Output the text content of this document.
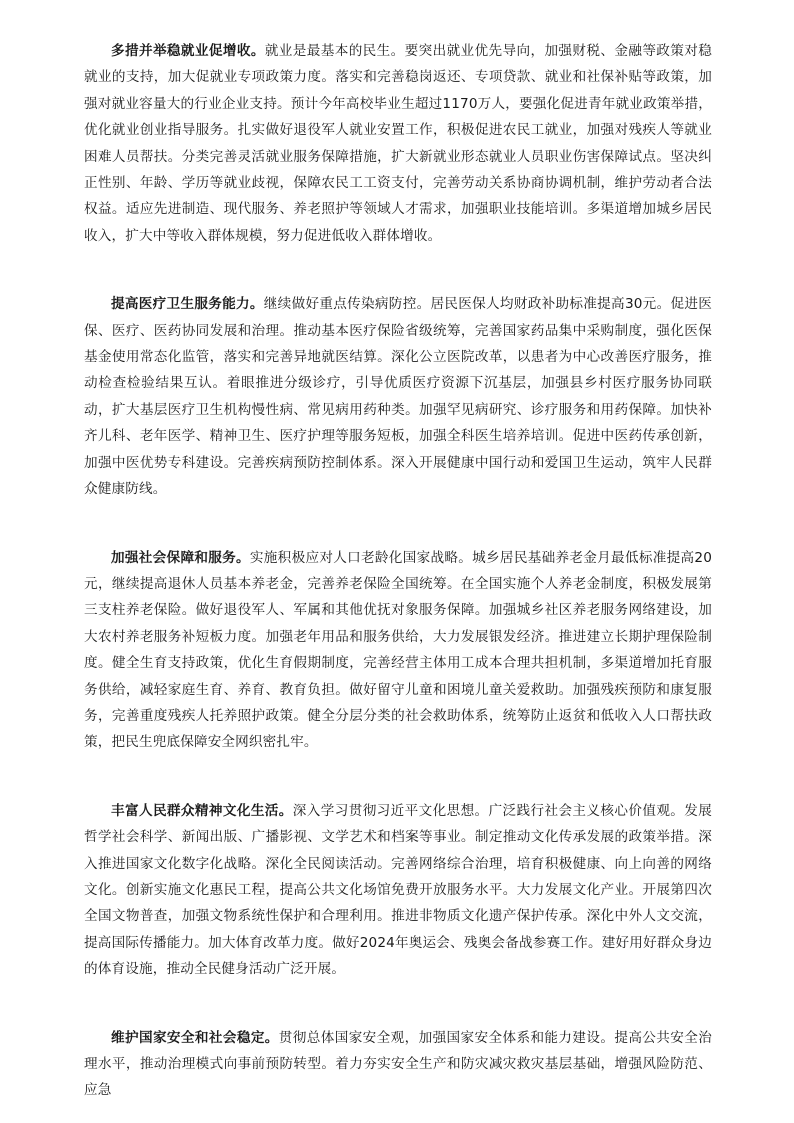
多措并举稳就业促增收。就业是最基本的民生。要突出就业优先导向，加强财税、金融等政策对稳就业的支持，加大促就业专项政策力度。落实和完善稳岗返还、专项贷款、就业和社保补贴等政策，加强对就业容量大的行业企业支持。预计今年高校毕业生超过1170万人，要强化促进青年就业政策举措，优化就业创业指导服务。扎实做好退役军人就业安置工作，积极促进农民工就业，加强对残疾人等就业困难人员帮扶。分类完善灵活就业服务保障措施，扩大新就业形态就业人员职业伤害保障试点。坚决纠正性别、年龄、学历等就业歧视，保障农民工工资支付，完善劳动关系协商协调机制，维护劳动者合法权益。适应先进制造、现代服务、养老照护等领域人才需求，加强职业技能培训。多渠道增加城乡居民收入，扩大中等收入群体规模，努力促进低收入群体增收。

提高医疗卫生服务能力。继续做好重点传染病防控。居民医保人均财政补助标准提高30元。促进医保、医疗、医药协同发展和治理。推动基本医疗保险省级统筹，完善国家药品集中采购制度，强化医保基金使用常态化监管，落实和完善异地就医结算。深化公立医院改革，以患者为中心改善医疗服务，推动检查检验结果互认。着眼推进分级诊疗，引导优质医疗资源下沉基层，加强县乡村医疗服务协同联动，扩大基层医疗卫生机构慢性病、常见病用药种类。加强罕见病研究、诊疗服务和用药保障。加快补齐儿科、老年医学、精神卫生、医疗护理等服务短板，加强全科医生培养培训。促进中医药传承创新，加强中医优势专科建设。完善疾病预防控制体系。深入开展健康中国行动和爱国卫生运动，筑牢人民群众健康防线。

加强社会保障和服务。实施积极应对人口老龄化国家战略。城乡居民基础养老金月最低标准提高20元，继续提高退休人员基本养老金，完善养老保险全国统筹。在全国实施个人养老金制度，积极发展第三支柱养老保险。做好退役军人、军属和其他优抚对象服务保障。加强城乡社区养老服务网络建设，加大农村养老服务补短板力度。加强老年用品和服务供给，大力发展银发经济。推进建立长期护理保险制度。健全生育支持政策，优化生育假期制度，完善经营主体用工成本合理共担机制，多渠道增加托育服务供给，减轻家庭生育、养育、教育负担。做好留守儿童和困境儿童关爱救助。加强残疾预防和康复服务，完善重度残疾人托养照护政策。健全分层分类的社会救助体系，统筹防止返贫和低收入人口帮扶政策，把民生兜底保障安全网织密扎牢。

丰富人民群众精神文化生活。深入学习贯彻习近平文化思想。广泛践行社会主义核心价值观。发展哲学社会科学、新闻出版、广播影视、文学艺术和档案等事业。制定推动文化传承发展的政策举措。深入推进国家文化数字化战略。深化全民阅读活动。完善网络综合治理，培育积极健康、向上向善的网络文化。创新实施文化惠民工程，提高公共文化场馆免费开放服务水平。大力发展文化产业。开展第四次全国文物普查，加强文物系统性保护和合理利用。推进非物质文化遗产保护传承。深化中外人文交流，提高国际传播能力。加大体育改革力度。做好2024年奥运会、残奥会备战参赛工作。建好用好群众身边的体育设施，推动全民健身活动广泛开展。

维护国家安全和社会稳定。贯彻总体国家安全观，加强国家安全体系和能力建设。提高公共安全治理水平，推动治理模式向事前预防转型。着力夯实安全生产和防灾减灾救灾基层基础，增强风险防范、应急
